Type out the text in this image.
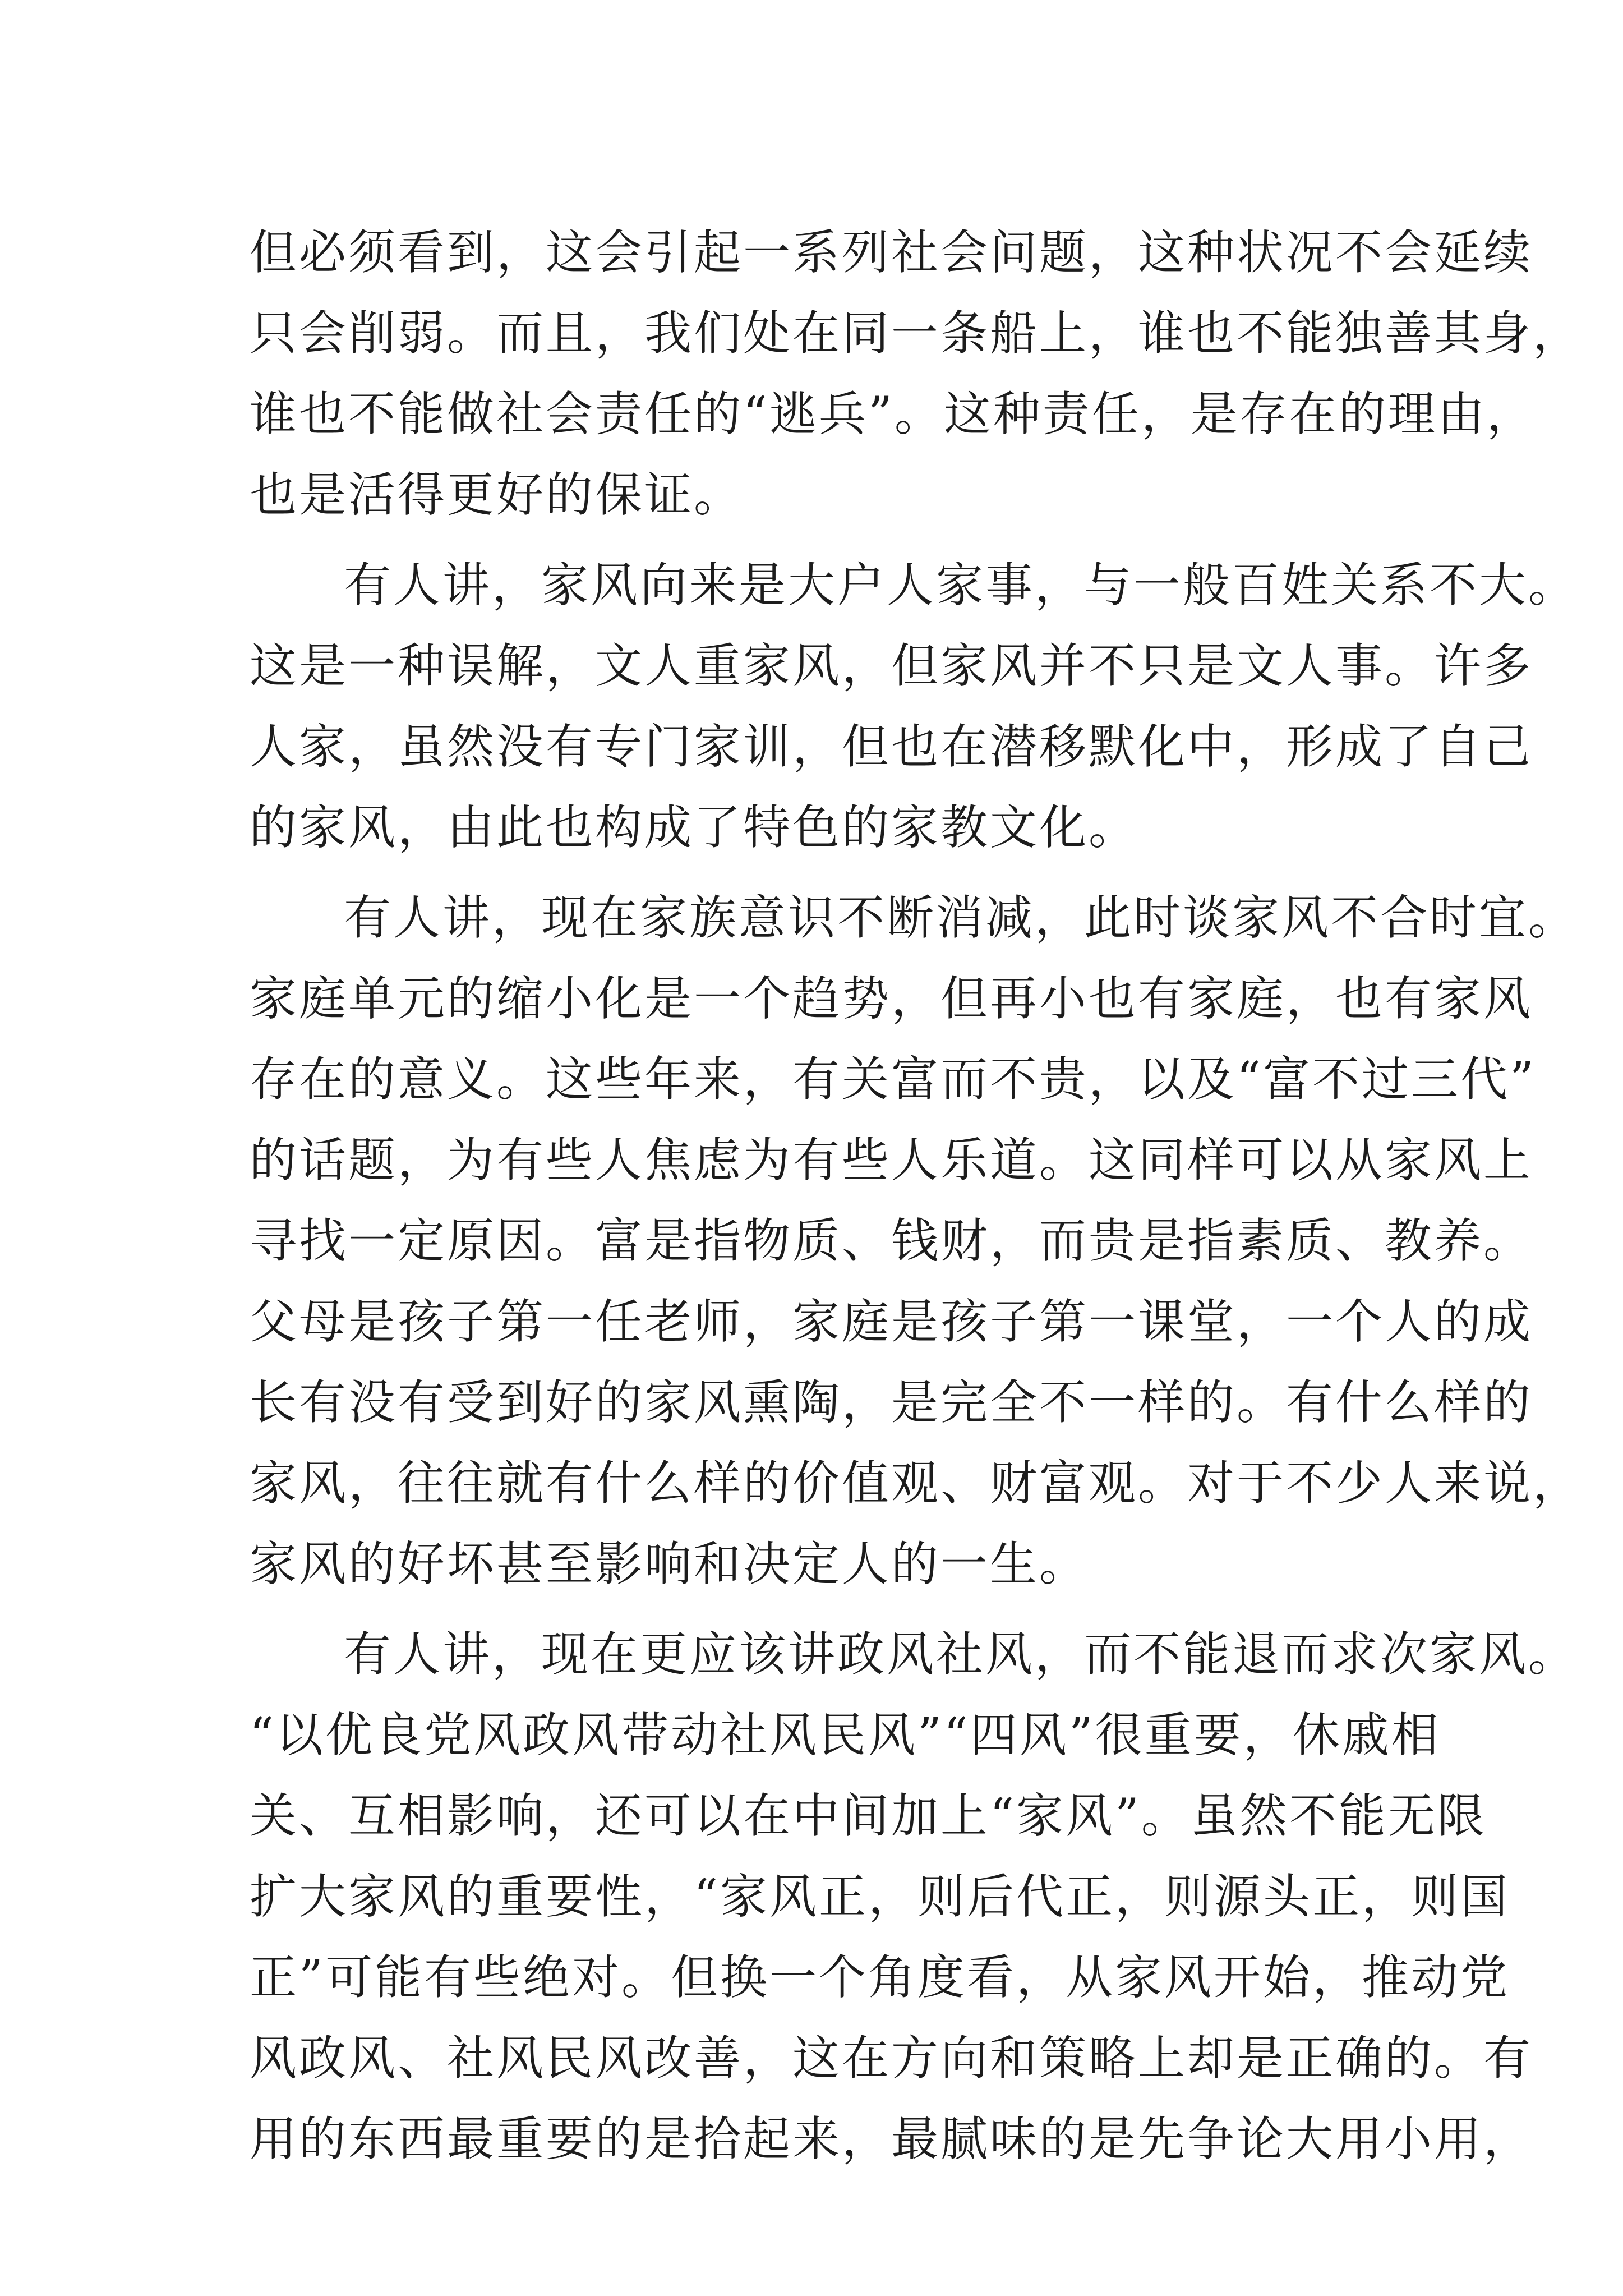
但必须看到，这会引起一系列社会问题，这种状况不会延续
只会削弱。而且，我们处在同一条船上，谁也不能独善其身，
谁也不能做社会责任的“逃兵”。这种责任，是存在的理由，
也是活得更好的保证。
有人讲，家风向来是大户人家事，与一般百姓关系不大。
这是一种误解，文人重家风，但家风并不只是文人事。许多
人家，虽然没有专门家训，但也在潜移默化中，形成了自己
的家风，由此也构成了特色的家教文化。
有人讲，现在家族意识不断消减，此时谈家风不合时宜。
家庭单元的缩小化是一个趋势，但再小也有家庭，也有家风
存在的意义。这些年来，有关富而不贵，以及“富不过三代”
的话题，为有些人焦虑为有些人乐道。这同样可以从家风上
寻找一定原因。富是指物质、钱财，而贵是指素质、教养。
父母是孩子第一任老师，家庭是孩子第一课堂，一个人的成
长有没有受到好的家风熏陶，是完全不一样的。有什么样的
家风，往往就有什么样的价值观、财富观。对于不少人来说，
家风的好坏甚至影响和决定人的一生。
有人讲，现在更应该讲政风社风，而不能退而求次家风。
“以优良党风政风带动社风民风”“四风”很重要，休戚相
关、互相影响，还可以在中间加上“家风”。虽然不能无限
扩大家风的重要性，“家风正，则后代正，则源头正，则国
正”可能有些绝对。但换一个角度看，从家风开始，推动党
风政风、社风民风改善，这在方向和策略上却是正确的。有
用的东西最重要的是拾起来，最腻味的是先争论大用小用，
